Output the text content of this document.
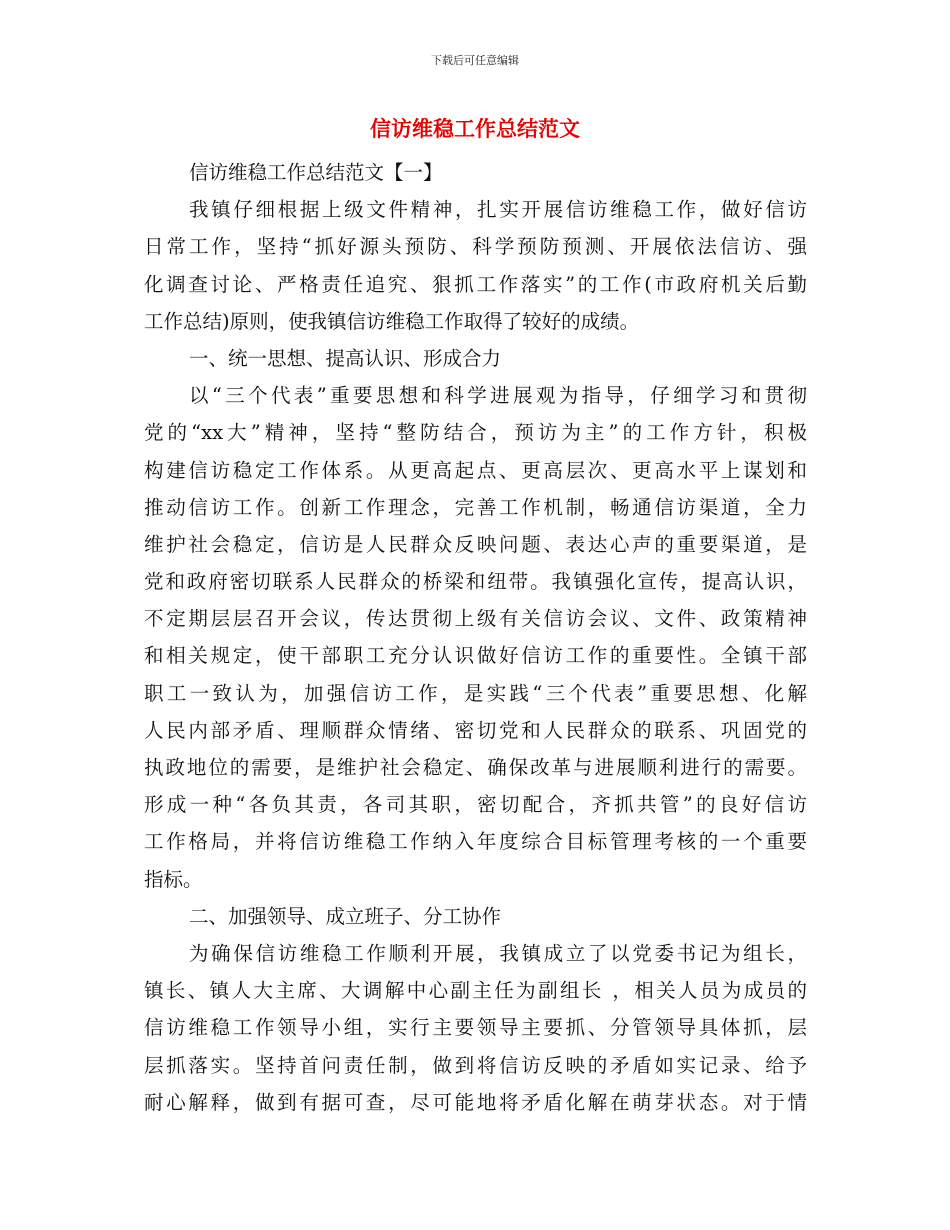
下载后可任意编辑
信访维稳工作总结范文
信访维稳工作总结范文【一】
我镇仔细根据上级文件精神，扎实开展信访维稳工作，做好信访
日常工作，坚持“抓好源头预防、科学预防预测、开展依法信访、强
化调查讨论、严格责任追究、狠抓工作落实”的工作(市政府机关后勤
工作总结)原则，使我镇信访维稳工作取得了较好的成绩。
一、统一思想、提高认识、形成合力
以“三个代表”重要思想和科学进展观为指导，仔细学习和贯彻
党的“xx大”精神，坚持“整防结合，预访为主”的工作方针，积极
构建信访稳定工作体系。从更高起点、更高层次、更高水平上谋划和
推动信访工作。创新工作理念，完善工作机制，畅通信访渠道，全力
维护社会稳定，信访是人民群众反映问题、表达心声的重要渠道，是
党和政府密切联系人民群众的桥梁和纽带。我镇强化宣传，提高认识，
不定期层层召开会议，传达贯彻上级有关信访会议、文件、政策精神
和相关规定，使干部职工充分认识做好信访工作的重要性。全镇干部
职工一致认为，加强信访工作，是实践“三个代表”重要思想、化解
人民内部矛盾、理顺群众情绪、密切党和人民群众的联系、巩固党的
执政地位的需要，是维护社会稳定、确保改革与进展顺利进行的需要。
形成一种“各负其责，各司其职，密切配合，齐抓共管”的良好信访
工作格局，并将信访维稳工作纳入年度综合目标管理考核的一个重要
指标。
二、加强领导、成立班子、分工协作
为确保信访维稳工作顺利开展，我镇成立了以党委书记为组长，
镇长、镇人大主席、大调解中心副主任为副组长 ，相关人员为成员的
信访维稳工作领导小组，实行主要领导主要抓、分管领导具体抓，层
层抓落实。坚持首问责任制，做到将信访反映的矛盾如实记录、给予
耐心解释，做到有据可查，尽可能地将矛盾化解在萌芽状态。对于情
